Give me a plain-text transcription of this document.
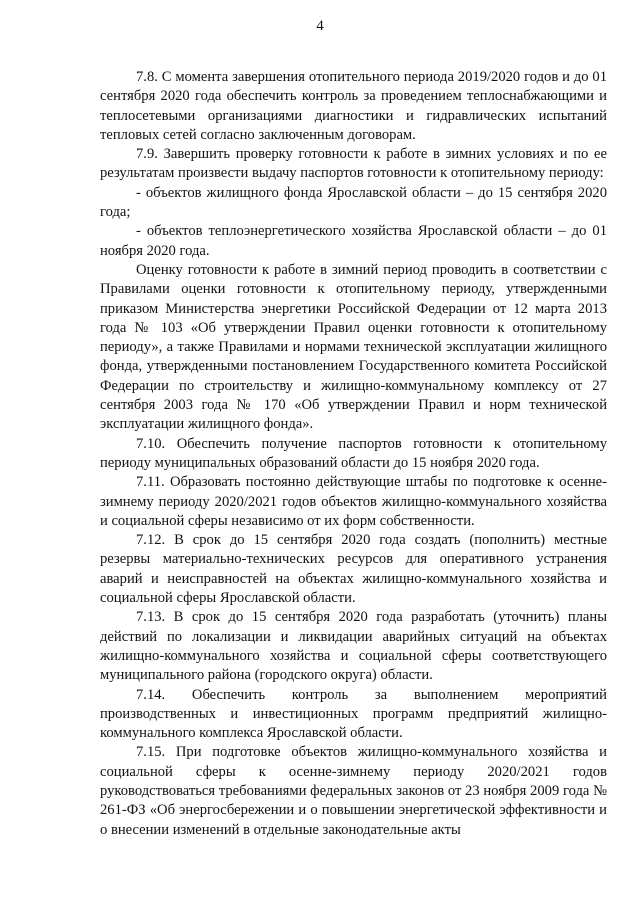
4

7.8. С момента завершения отопительного периода 2019/2020 годов и до 01 сентября 2020 года обеспечить контроль за проведением теплоснабжающими и теплосетевыми организациями диагностики и гидравлических испытаний тепловых сетей согласно заключенным договорам.

7.9. Завершить проверку готовности к работе в зимних условиях и по ее результатам произвести выдачу паспортов готовности к отопительному периоду:

- объектов жилищного фонда Ярославской области – до 15 сентября 2020 года;

- объектов теплоэнергетического хозяйства Ярославской области – до 01 ноября 2020 года.

Оценку готовности к работе в зимний период проводить в соответствии с Правилами оценки готовности к отопительному периоду, утвержденными приказом Министерства энергетики Российской Федерации от 12 марта 2013 года № 103 «Об утверждении Правил оценки готовности к отопительному периоду», а также Правилами и нормами технической эксплуатации жилищного фонда, утвержденными постановлением Государственного комитета Российской Федерации по строительству и жилищно-коммунальному комплексу от 27 сентября 2003 года № 170 «Об утверждении Правил и норм технической эксплуатации жилищного фонда».

7.10. Обеспечить получение паспортов готовности к отопительному периоду муниципальных образований области до 15 ноября 2020 года.

7.11. Образовать постоянно действующие штабы по подготовке к осенне-зимнему периоду 2020/2021 годов объектов жилищно-коммунального хозяйства и социальной сферы независимо от их форм собственности.

7.12. В срок до 15 сентября 2020 года создать (пополнить) местные резервы материально-технических ресурсов для оперативного устранения аварий и неисправностей на объектах жилищно-коммунального хозяйства и социальной сферы Ярославской области.

7.13. В срок до 15 сентября 2020 года разработать (уточнить) планы действий по локализации и ликвидации аварийных ситуаций на объектах жилищно-коммунального хозяйства и социальной сферы соответствующего муниципального района (городского округа) области.

7.14. Обеспечить контроль за выполнением мероприятий производственных и инвестиционных программ предприятий жилищно-коммунального комплекса Ярославской области.

7.15. При подготовке объектов жилищно-коммунального хозяйства и социальной сферы к осенне-зимнему периоду 2020/2021 годов руководствоваться требованиями федеральных законов от 23 ноября 2009 года № 261-ФЗ «Об энергосбережении и о повышении энергетической эффективности и о внесении изменений в отдельные законодательные акты
